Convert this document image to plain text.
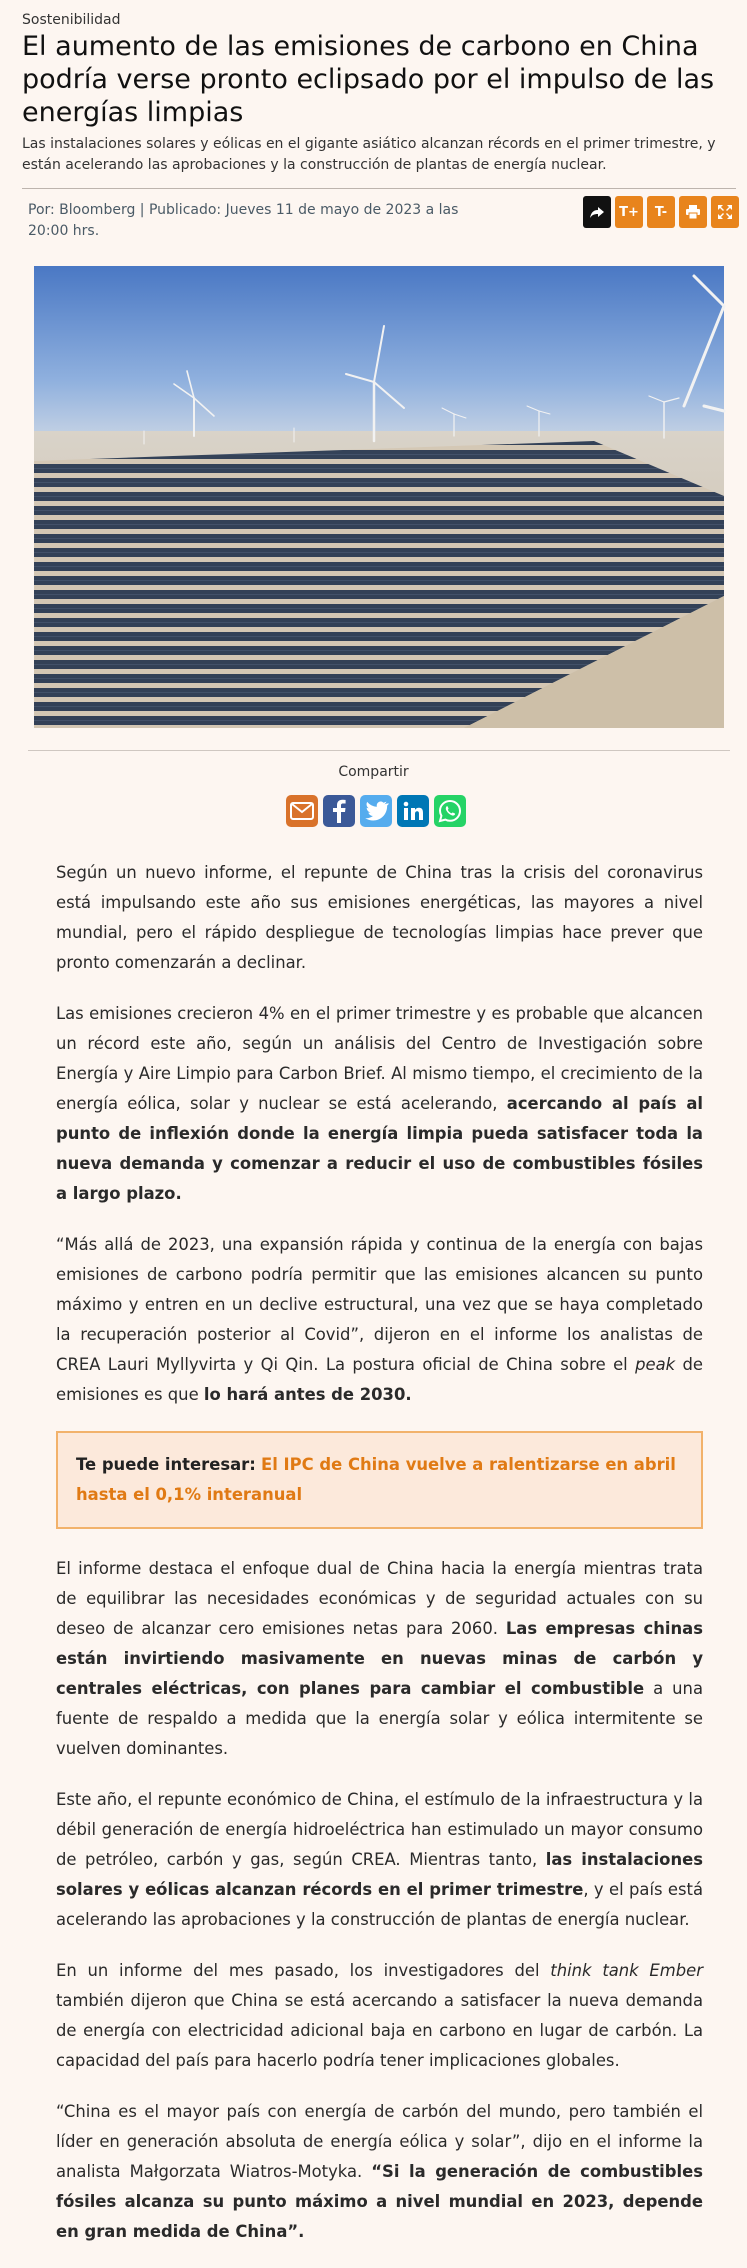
Sostenibilidad
El aumento de las emisiones de carbono en China podría verse pronto eclipsado por el impulso de las energías limpias
Las instalaciones solares y eólicas en el gigante asiático alcanzan récords en el primer trimestre, y están acelerando las aprobaciones y la construcción de plantas de energía nuclear.
Por: Bloomberg | Publicado: Jueves 11 de mayo de 2023 a las 20:00 hrs.
T+	T-
Compartir

Según un nuevo informe, el repunte de China tras la crisis del coronavirus está impulsando este año sus emisiones energéticas, las mayores a nivel mundial, pero el rápido despliegue de tecnologías limpias hace prever que pronto comenzarán a declinar.

Las emisiones crecieron 4% en el primer trimestre y es probable que alcancen un récord este año, según un análisis del Centro de Investigación sobre Energía y Aire Limpio para Carbon Brief. Al mismo tiempo, el crecimiento de la energía eólica, solar y nuclear se está acelerando, acercando al país al punto de inflexión donde la energía limpia pueda satisfacer toda la nueva demanda y comenzar a reducir el uso de combustibles fósiles a largo plazo.

“Más allá de 2023, una expansión rápida y continua de la energía con bajas emisiones de carbono podría permitir que las emisiones alcancen su punto máximo y entren en un declive estructural, una vez que se haya completado la recuperación posterior al Covid”, dijeron en el informe los analistas de CREA Lauri Myllyvirta y Qi Qin. La postura oficial de China sobre el peak de emisiones es que lo hará antes de 2030.

Te puede interesar: El IPC de China vuelve a ralentizarse en abril hasta el 0,1% interanual

El informe destaca el enfoque dual de China hacia la energía mientras trata de equilibrar las necesidades económicas y de seguridad actuales con su deseo de alcanzar cero emisiones netas para 2060. Las empresas chinas están invirtiendo masivamente en nuevas minas de carbón y centrales eléctricas, con planes para cambiar el combustible a una fuente de respaldo a medida que la energía solar y eólica intermitente se vuelven dominantes.

Este año, el repunte económico de China, el estímulo de la infraestructura y la débil generación de energía hidroeléctrica han estimulado un mayor consumo de petróleo, carbón y gas, según CREA. Mientras tanto, las instalaciones solares y eólicas alcanzan récords en el primer trimestre, y el país está acelerando las aprobaciones y la construcción de plantas de energía nuclear.

En un informe del mes pasado, los investigadores del think tank Ember también dijeron que China se está acercando a satisfacer la nueva demanda de energía con electricidad adicional baja en carbono en lugar de carbón. La capacidad del país para hacerlo podría tener implicaciones globales.

“China es el mayor país con energía de carbón del mundo, pero también el líder en generación absoluta de energía eólica y solar”, dijo en el informe la analista Małgorzata Wiatros-Motyka. “Si la generación de combustibles fósiles alcanza su punto máximo a nivel mundial en 2023, depende en gran medida de China”.
